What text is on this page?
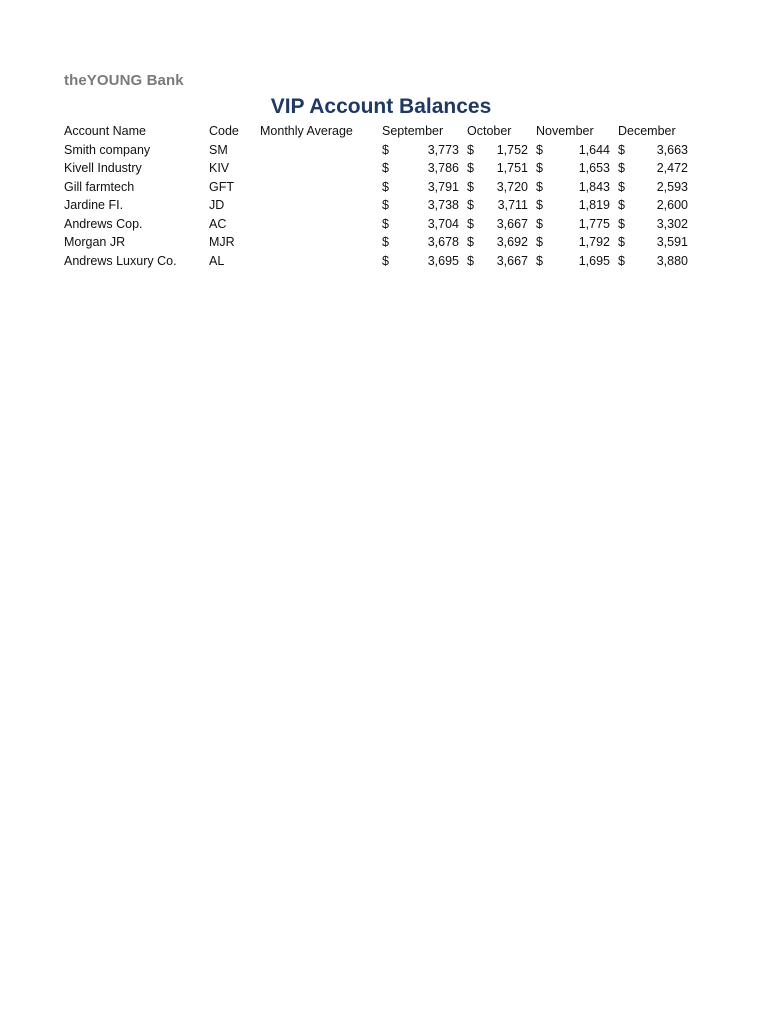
theYOUNG Bank
VIP Account Balances
Account Name	Code	Monthly Average	September	October	November	December
Smith company	SM		$ 3,773	$ 1,752	$ 1,644	$ 3,663

Kivell Industry	KIV		$ 3,786	$ 1,751	$ 1,653	$ 2,472

Gill farmtech	GFT		$ 3,791	$ 3,720	$ 1,843	$ 2,593

Jardine FI.	JD		$ 3,738	$ 3,711	$ 1,819	$ 2,600

Andrews Cop.	AC		$ 3,704	$ 3,667	$ 1,775	$ 3,302

Morgan JR	MJR		$ 3,678	$ 3,692	$ 1,792	$ 3,591

Andrews Luxury Co.	AL		$ 3,695	$ 3,667	$ 1,695	$ 3,880
